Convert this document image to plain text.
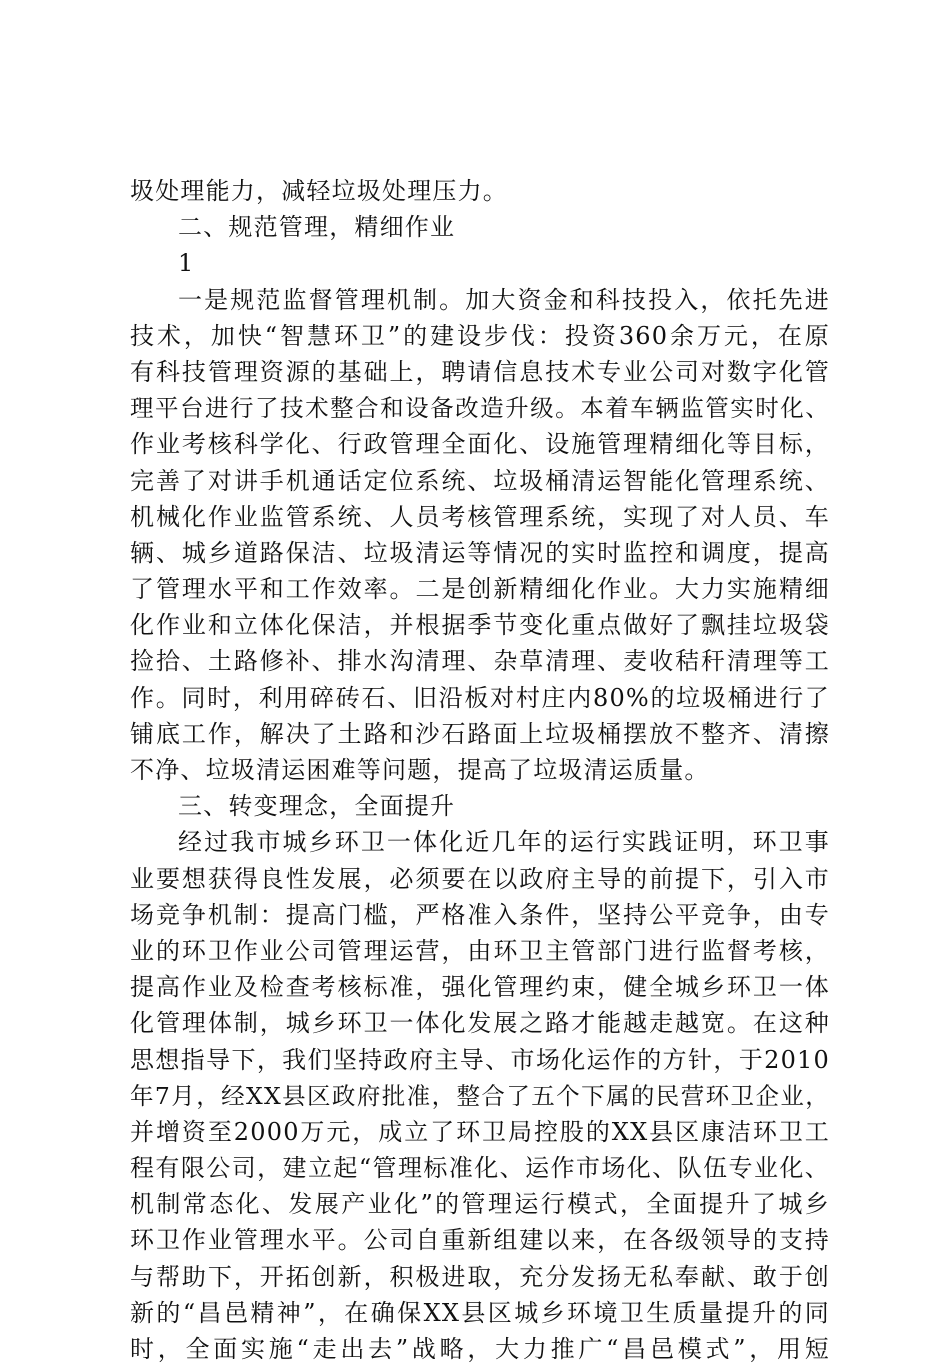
圾处理能力，减轻垃圾处理压力。
二、规范管理，精细作业
1
一是规范监督管理机制。加大资金和科技投入，依托先进
技术，加快“智慧环卫”的建设步伐：投资360余万元，在原
有科技管理资源的基础上，聘请信息技术专业公司对数字化管
理平台进行了技术整合和设备改造升级。本着车辆监管实时化、
作业考核科学化、行政管理全面化、设施管理精细化等目标，
完善了对讲手机通话定位系统、垃圾桶清运智能化管理系统、
机械化作业监管系统、人员考核管理系统，实现了对人员、车
辆、城乡道路保洁、垃圾清运等情况的实时监控和调度，提高
了管理水平和工作效率。二是创新精细化作业。大力实施精细
化作业和立体化保洁，并根据季节变化重点做好了飘挂垃圾袋
捡拾、土路修补、排水沟清理、杂草清理、麦收秸秆清理等工
作。同时，利用碎砖石、旧沿板对村庄内80%的垃圾桶进行了
铺底工作，解决了土路和沙石路面上垃圾桶摆放不整齐、清擦
不净、垃圾清运困难等问题，提高了垃圾清运质量。
三、转变理念，全面提升
经过我市城乡环卫一体化近几年的运行实践证明，环卫事
业要想获得良性发展，必须要在以政府主导的前提下，引入市
场竞争机制：提高门槛，严格准入条件，坚持公平竞争，由专
业的环卫作业公司管理运营，由环卫主管部门进行监督考核，
提高作业及检查考核标准，强化管理约束，健全城乡环卫一体
化管理体制，城乡环卫一体化发展之路才能越走越宽。在这种
思想指导下，我们坚持政府主导、市场化运作的方针，于2010
年7月，经XX县区政府批准，整合了五个下属的民营环卫企业，
并增资至2000万元，成立了环卫局控股的XX县区康洁环卫工
程有限公司，建立起“管理标准化、运作市场化、队伍专业化、
机制常态化、发展产业化”的管理运行模式，全面提升了城乡
环卫作业管理水平。公司自重新组建以来，在各级领导的支持
与帮助下，开拓创新，积极进取，充分发扬无私奉献、敢于创
新的“昌邑精神”，在确保XX县区城乡环境卫生质量提升的同
时，全面实施“走出去”战略，大力推广“昌邑模式”，用短
